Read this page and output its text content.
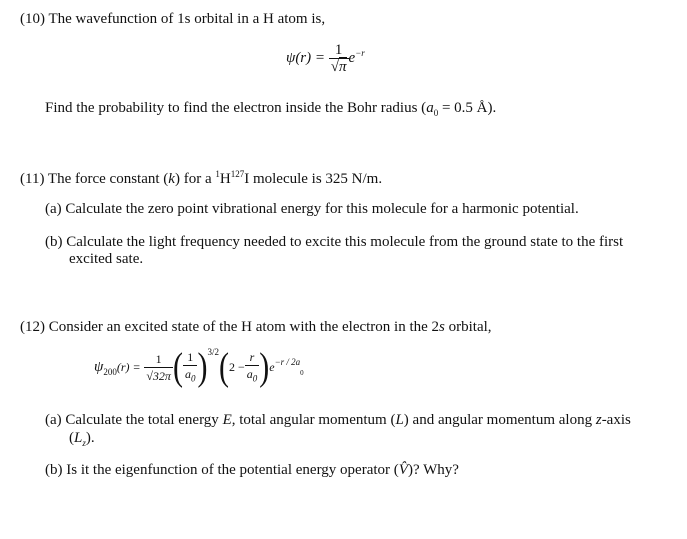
(10) The wavefunction of 1s orbital in a H atom is,
$\psi(r) = \frac{1}{√\pi} e^{-r}$
Find the probability to find the electron inside the Bohr radius ($a_0 = 0.5$ Å).
(11) The force constant (k) for a $^1H^{127}I$ molecule is 325 N/m.
(a) Calculate the zero point vibrational energy for this molecule for a harmonic potential.
(b) Calculate the light frequency needed to excite this molecule from the ground state to the first
excited sate.
(12) Consider an excited state of the H atom with the electron in the 2s orbital,
$\psi_{200}(r) = \frac{1}{√32\pi}$ ( $\frac{1}{a_0} )^{3/2}(2 - \frac{r}{a_0} )e^{-r / 2a}_0$
(a) Calculate the total energy E, total angular momentum (L) and angular momentum along z-axis
$(L_z)$.
(b) Is it the eigenfunction of the potential energy operator (V̂)? Why?
